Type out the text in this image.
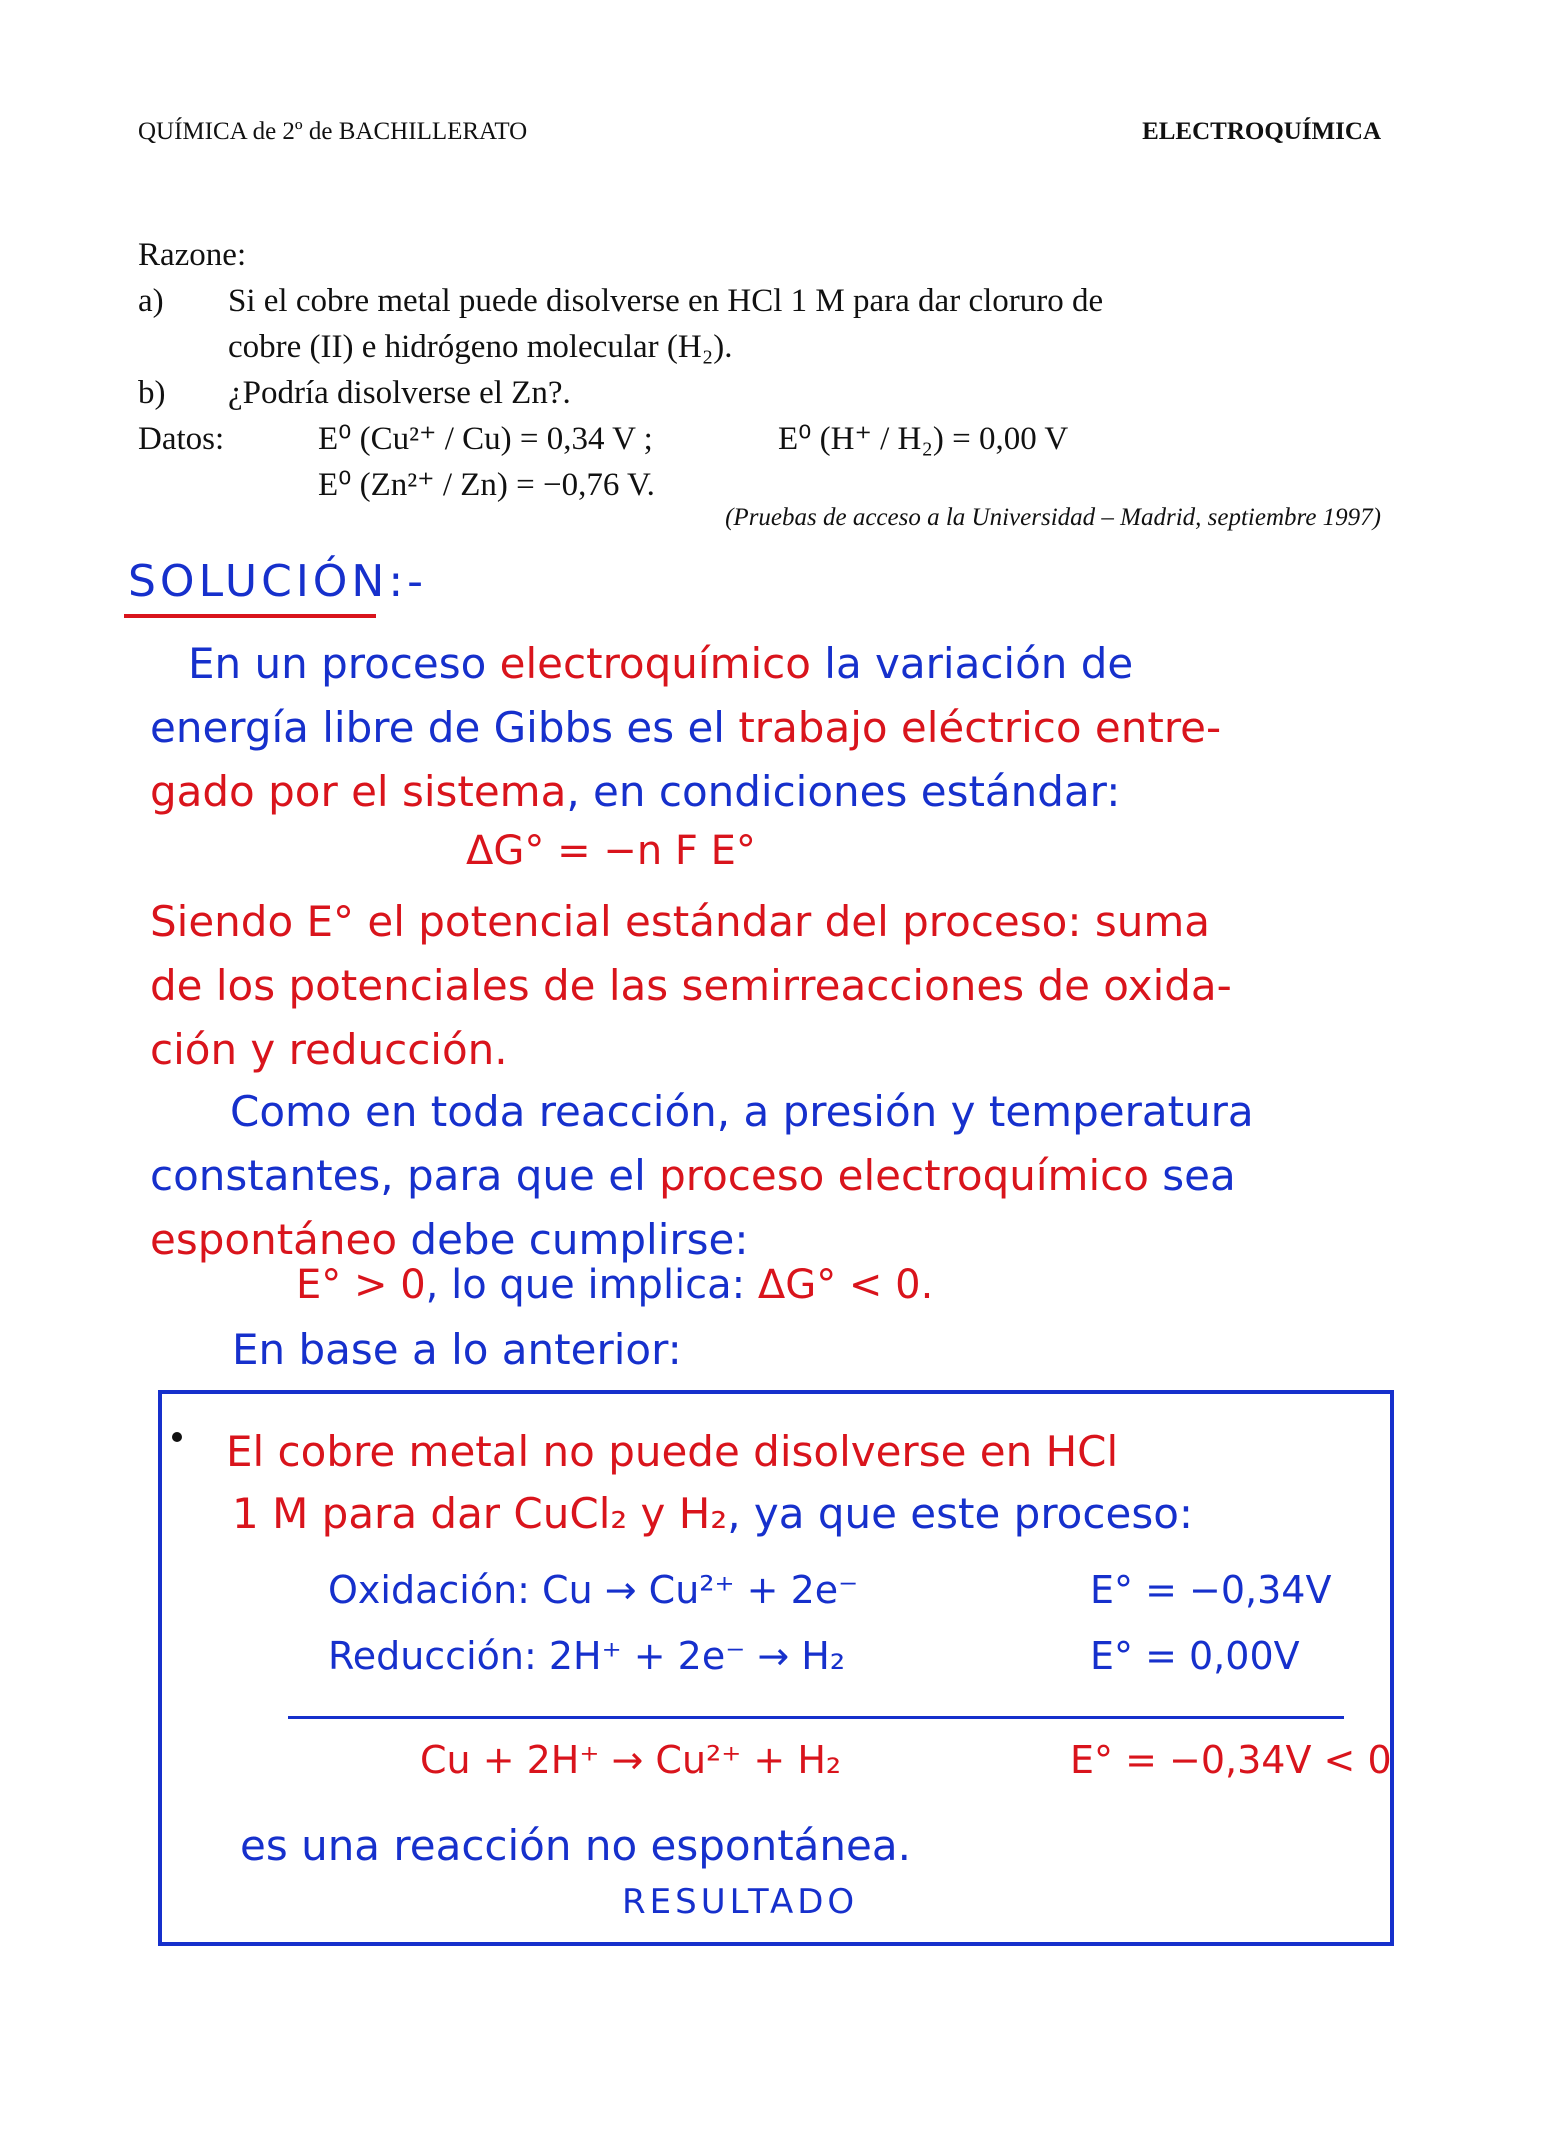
QUÍMICA de 2º de BACHILLERATO	ELECTROQUÍMICA
Razone:
a) Si el cobre metal puede disolverse en HCl 1 M para dar cloruro de
cobre (II) e hidrógeno molecular (H₂).
b) ¿Podría disolverse el Zn?.
Datos:	E⁰ (Cu²⁺ / Cu) = 0,34 V ;	E⁰ (H⁺ / H₂) = 0,00 V
E⁰ (Zn²⁺ / Zn) = −0,76 V.
(Pruebas de acceso a la Universidad – Madrid, septiembre 1997)
SOLUCIÓN:-
En un proceso electroquímico la variación de
energía libre de Gibbs es el trabajo eléctrico entre-
gado por el sistema, en condiciones estándar:
ΔG° = −n F E°
Siendo E° el potencial estándar del proceso: suma
de los potenciales de las semirreacciones de oxida-
ción y reducción.
Como en toda reacción, a presión y temperatura
constantes, para que el proceso electroquímico sea
espontáneo debe cumplirse:
E° > 0, lo que implica: ΔG° < 0.
En base a lo anterior:
El cobre metal no puede disolverse en HCl
1 M para dar CuCl₂ y H₂, ya que este proceso:
Oxidación: Cu → Cu²⁺ + 2e⁻	E° = −0,34V
Reducción: 2H⁺ + 2e⁻ → H₂	E° = 0,00V
Cu + 2H⁺ → Cu²⁺ + H₂	E° = −0,34V < 0
es una reacción no espontánea.
RESULTADO
